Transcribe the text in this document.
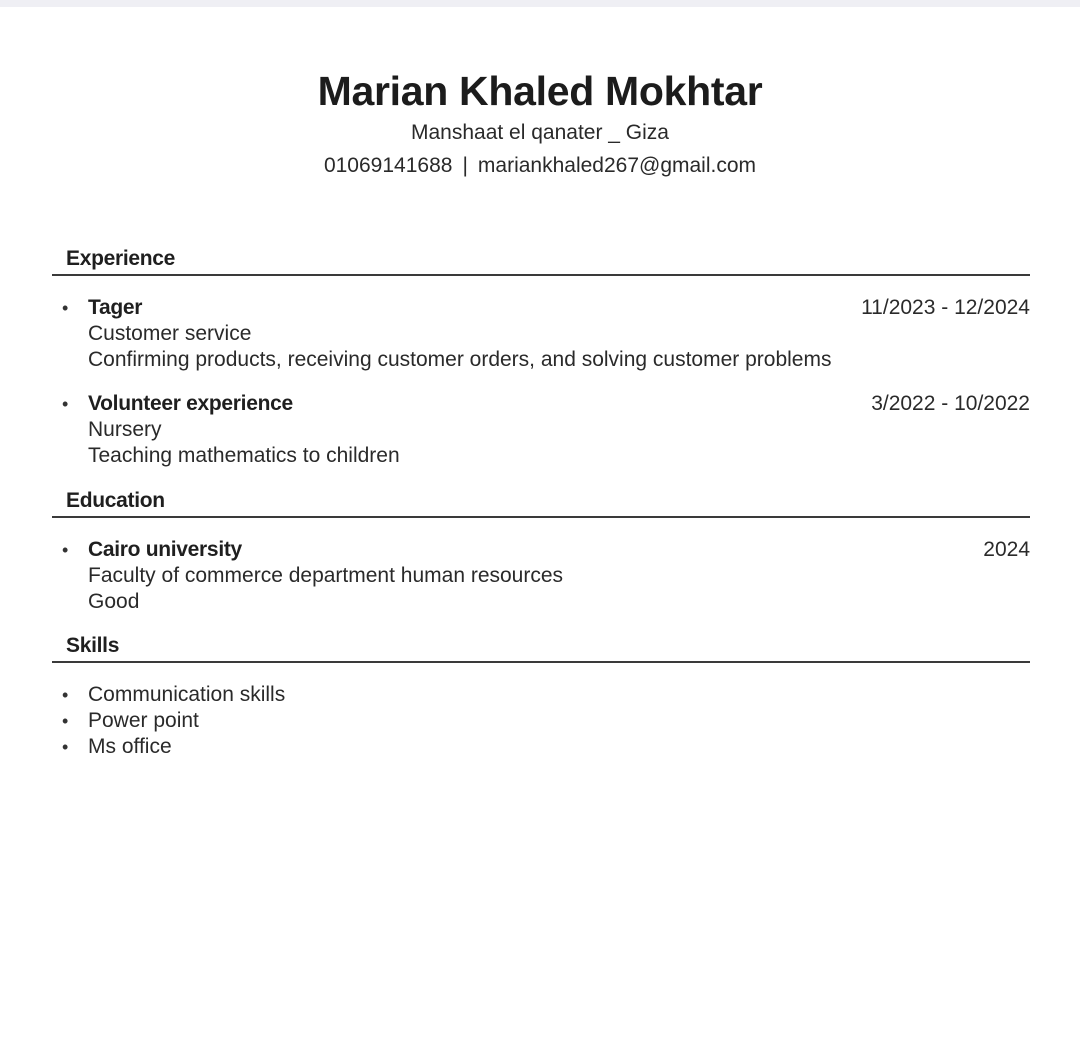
Marian Khaled Mokhtar
Manshaat el qanater _ Giza
01069141688 | mariankhaled267@gmail.com
Experience
• Tager	11/2023 - 12/2024
Customer service
Confirming products, receiving customer orders, and solving customer problems
• Volunteer experience	3/2022 - 10/2022
Nursery
Teaching mathematics to children
Education
• Cairo university	2024
Faculty of commerce department human resources
Good
Skills
• Communication skills
• Power point
• Ms office
